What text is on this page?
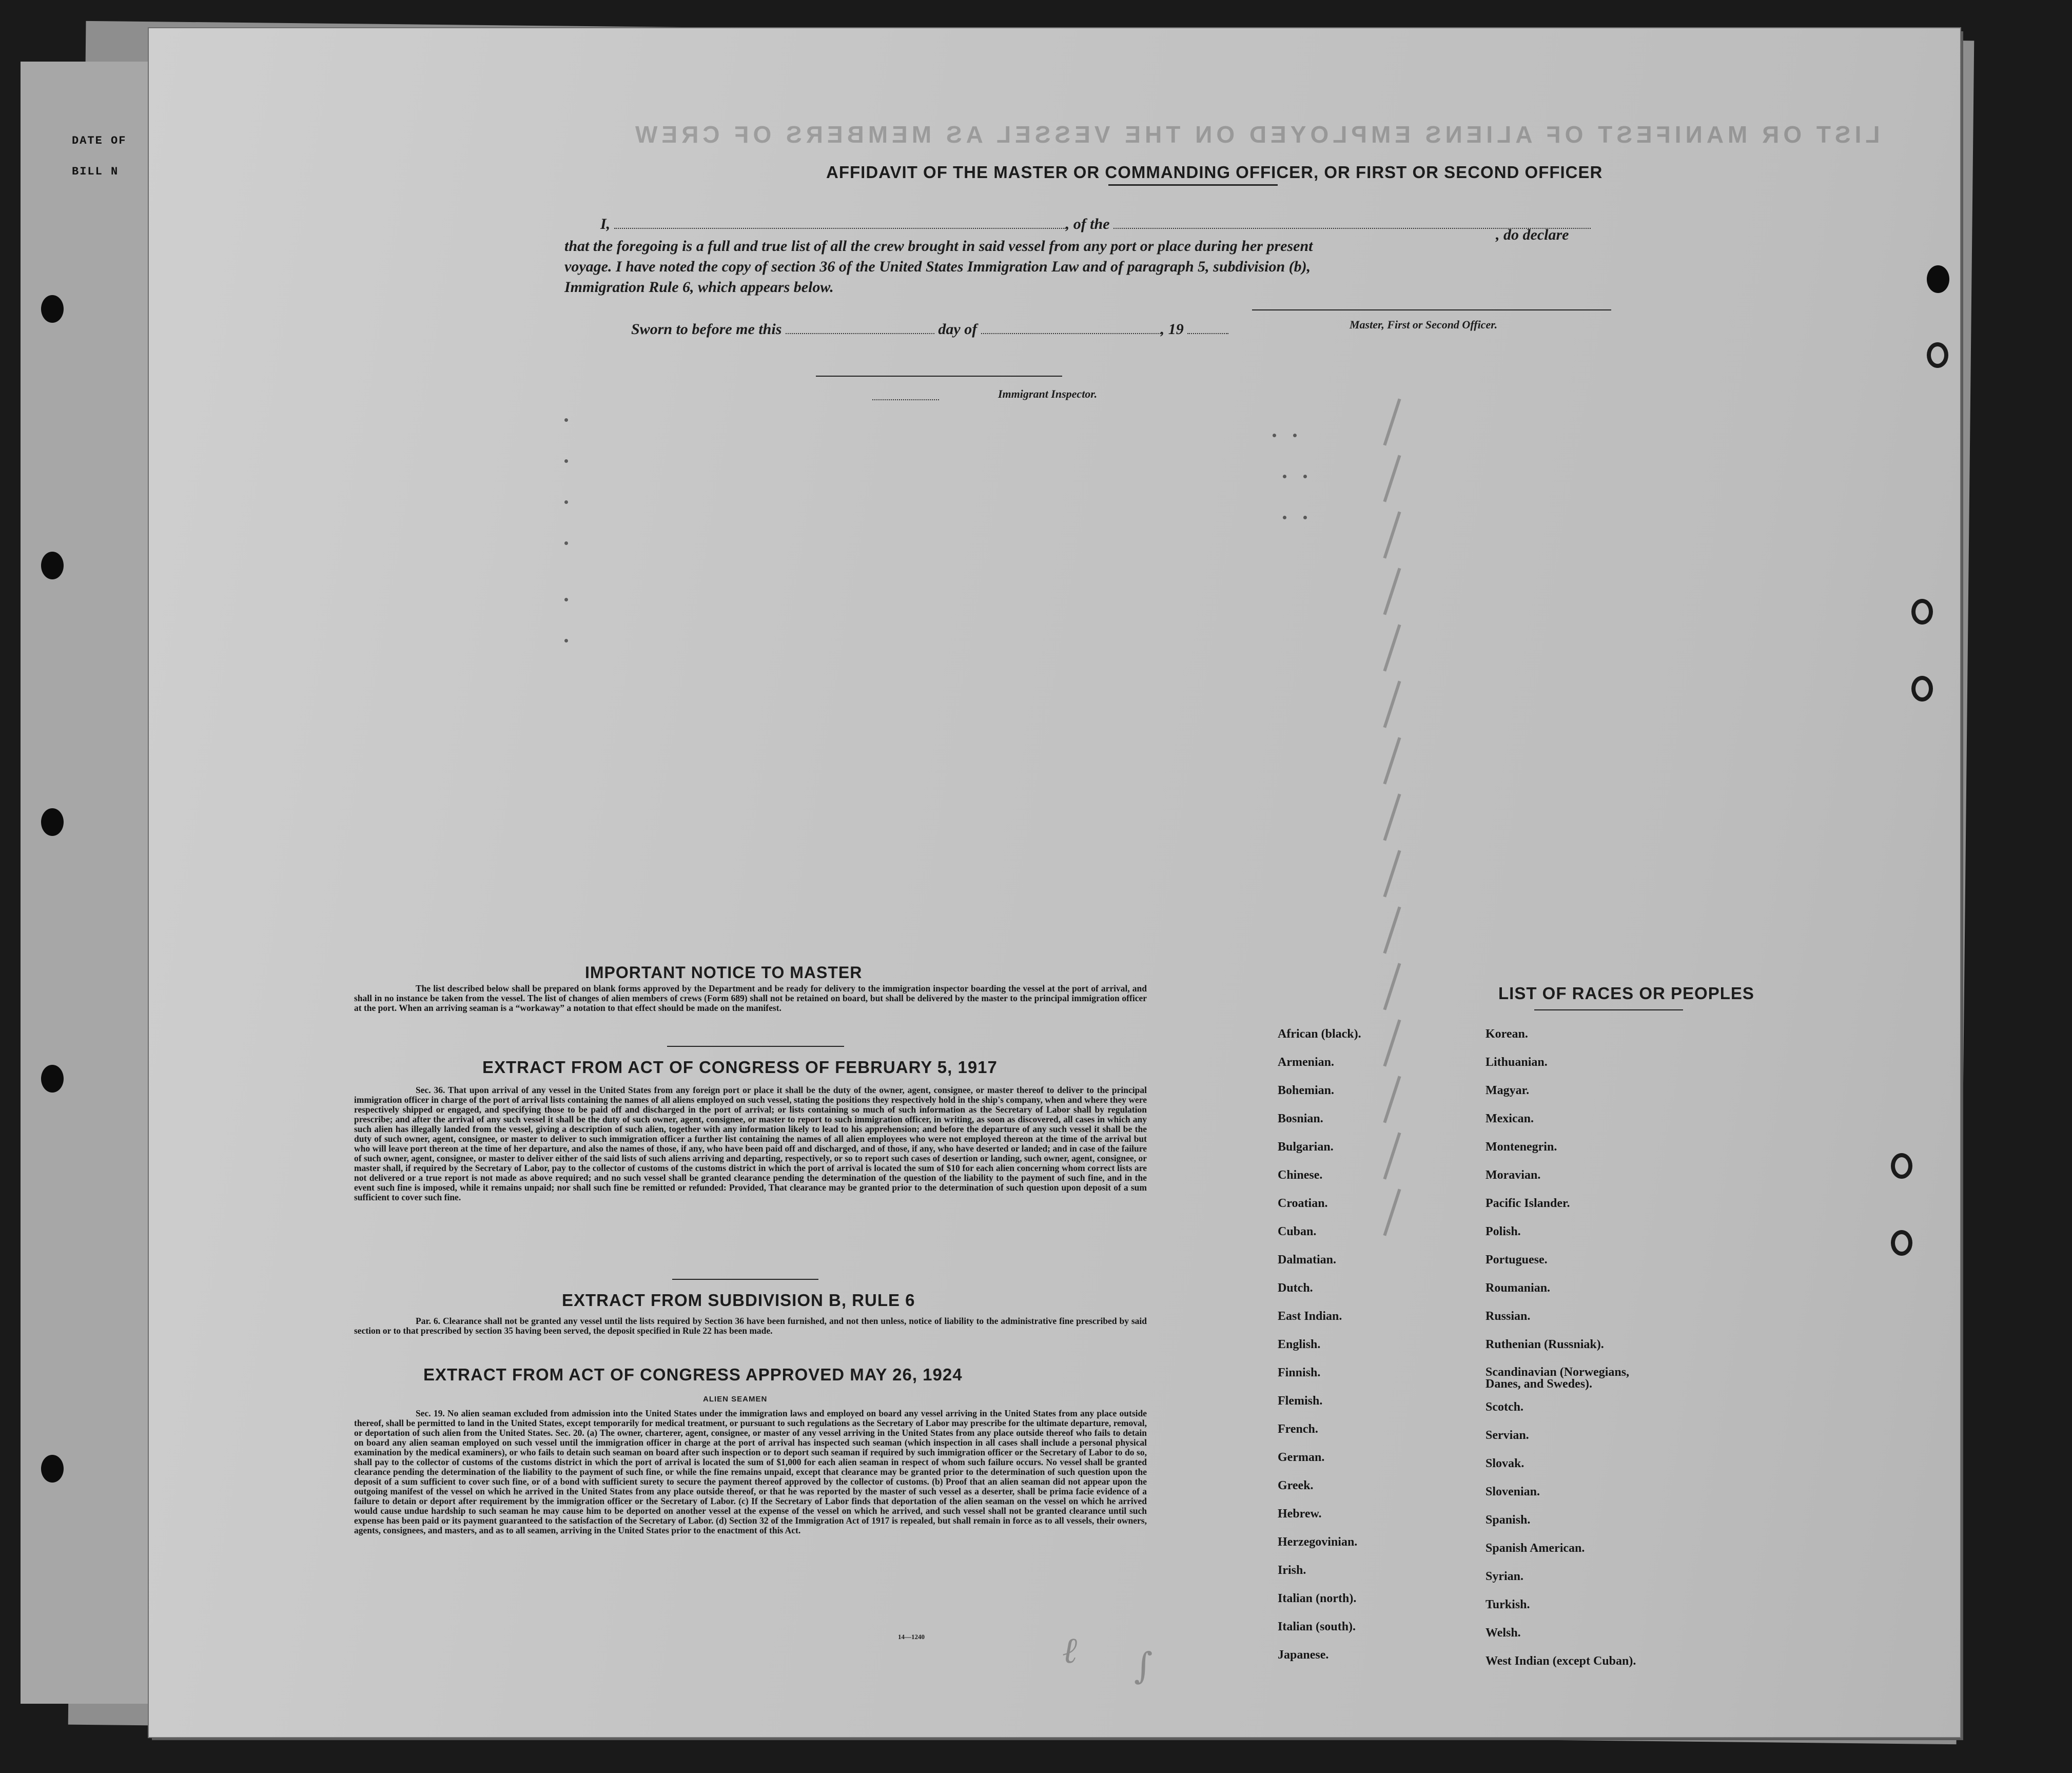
DATE OF
BILL N
LIST OR MANIFEST OF ALIENS EMPLOYED ON THE VESSEL AS MEMBERS OF CREW
AFFIDAVIT OF THE MASTER OR COMMANDING OFFICER, OR FIRST OR SECOND OFFICER
I,	, of the
that the foregoing is a full and true list of all the crew brought in said vessel from any port or place during her present
, do declare
voyage. I have noted the copy of section 36 of the United States Immigration Law and of paragraph 5, subdivision (b),
Immigration Rule 6, which appears below.
Master, First or Second Officer.
Sworn to before me this	day of	, 19
Immigrant Inspector.
IMPORTANT NOTICE TO MASTER
The list described below shall be prepared on blank forms approved by the Department and be ready for delivery to the immigration inspector boarding the vessel at the port of arrival, and shall in no instance be taken from the vessel. The list of changes of alien members of crews (Form 689) shall not be retained on board, but shall be delivered by the master to the principal immigration officer at the port. When an arriving seaman is a “workaway” a notation to that effect should be made on the manifest.
EXTRACT FROM ACT OF CONGRESS OF FEBRUARY 5, 1917
Sec. 36. That upon arrival of any vessel in the United States from any foreign port or place it shall be the duty of the owner, agent, consignee, or master thereof to deliver to the principal immigration officer in charge of the port of arrival lists containing the names of all aliens employed on such vessel, stating the positions they respectively hold in the ship's company, when and where they were respectively shipped or engaged, and specifying those to be paid off and discharged in the port of arrival; or lists containing so much of such information as the Secretary of Labor shall by regulation prescribe; and after the arrival of any such vessel it shall be the duty of such owner, agent, consignee, or master to report to such immigration officer, in writing, as soon as discovered, all cases in which any such alien has illegally landed from the vessel, giving a description of such alien, together with any information likely to lead to his apprehension; and before the departure of any such vessel it shall be the duty of such owner, agent, consignee, or master to deliver to such immigration officer a further list containing the names of all alien employees who were not employed thereon at the time of the arrival but who will leave port thereon at the time of her departure, and also the names of those, if any, who have been paid off and discharged, and of those, if any, who have deserted or landed; and in case of the failure of such owner, agent, consignee, or master to deliver either of the said lists of such aliens arriving and departing, respectively, or so to report such cases of desertion or landing, such owner, agent, consignee, or master shall, if required by the Secretary of Labor, pay to the collector of customs of the customs district in which the port of arrival is located the sum of $10 for each alien concerning whom correct lists are not delivered or a true report is not made as above required; and no such vessel shall be granted clearance pending the determination of the question of the liability to the payment of such fine, and in the event such fine is imposed, while it remains unpaid; nor shall such fine be remitted or refunded: Provided, That clearance may be granted prior to the determination of such question upon deposit of a sum sufficient to cover such fine.
EXTRACT FROM SUBDIVISION B, RULE 6
Par. 6. Clearance shall not be granted any vessel until the lists required by Section 36 have been furnished, and not then unless, notice of liability to the administrative fine prescribed by said section or to that prescribed by section 35 having been served, the deposit specified in Rule 22 has been made.
EXTRACT FROM ACT OF CONGRESS APPROVED MAY 26, 1924
ALIEN SEAMEN
Sec. 19. No alien seaman excluded from admission into the United States under the immigration laws and employed on board any vessel arriving in the United States from any place outside thereof, shall be permitted to land in the United States, except temporarily for medical treatment, or pursuant to such regulations as the Secretary of Labor may prescribe for the ultimate departure, removal, or deportation of such alien from the United States. Sec. 20. (a) The owner, charterer, agent, consignee, or master of any vessel arriving in the United States from any place outside thereof who fails to detain on board any alien seaman employed on such vessel until the immigration officer in charge at the port of arrival has inspected such seaman (which inspection in all cases shall include a personal physical examination by the medical examiners), or who fails to detain such seaman on board after such inspection or to deport such seaman if required by such immigration officer or the Secretary of Labor to do so, shall pay to the collector of customs of the customs district in which the port of arrival is located the sum of $1,000 for each alien seaman in respect of whom such failure occurs. No vessel shall be granted clearance pending the determination of the liability to the payment of such fine, or while the fine remains unpaid, except that clearance may be granted prior to the determination of such question upon the deposit of a sum sufficient to cover such fine, or of a bond with sufficient surety to secure the payment thereof approved by the collector of customs. (b) Proof that an alien seaman did not appear upon the outgoing manifest of the vessel on which he arrived in the United States from any place outside thereof, or that he was reported by the master of such vessel as a deserter, shall be prima facie evidence of a failure to detain or deport after requirement by the immigration officer or the Secretary of Labor. (c) If the Secretary of Labor finds that deportation of the alien seaman on the vessel on which he arrived would cause undue hardship to such seaman he may cause him to be deported on another vessel at the expense of the vessel on which he arrived, and such vessel shall not be granted clearance until such expense has been paid or its payment guaranteed to the satisfaction of the Secretary of Labor. (d) Section 32 of the Immigration Act of 1917 is repealed, but shall remain in force as to all vessels, their owners, agents, consignees, and masters, and as to all seamen, arriving in the United States prior to the enactment of this Act.
14—1240
LIST OF RACES OR PEOPLES
African (black).
Armenian.
Bohemian.
Bosnian.
Bulgarian.
Chinese.
Croatian.
Cuban.
Dalmatian.
Dutch.
East Indian.
English.
Finnish.
Flemish.
French.
German.
Greek.
Hebrew.
Herzegovinian.
Irish.
Italian (north).
Italian (south).
Japanese.
Korean.
Lithuanian.
Magyar.
Mexican.
Montenegrin.
Moravian.
Pacific Islander.
Polish.
Portuguese.
Roumanian.
Russian.
Ruthenian (Russniak).
Scandinavian (Norwegians, Danes, and Swedes).
Scotch.
Servian.
Slovak.
Slovenian.
Spanish.
Spanish American.
Syrian.
Turkish.
Welsh.
West Indian (except Cuban).
ℓ ∫
